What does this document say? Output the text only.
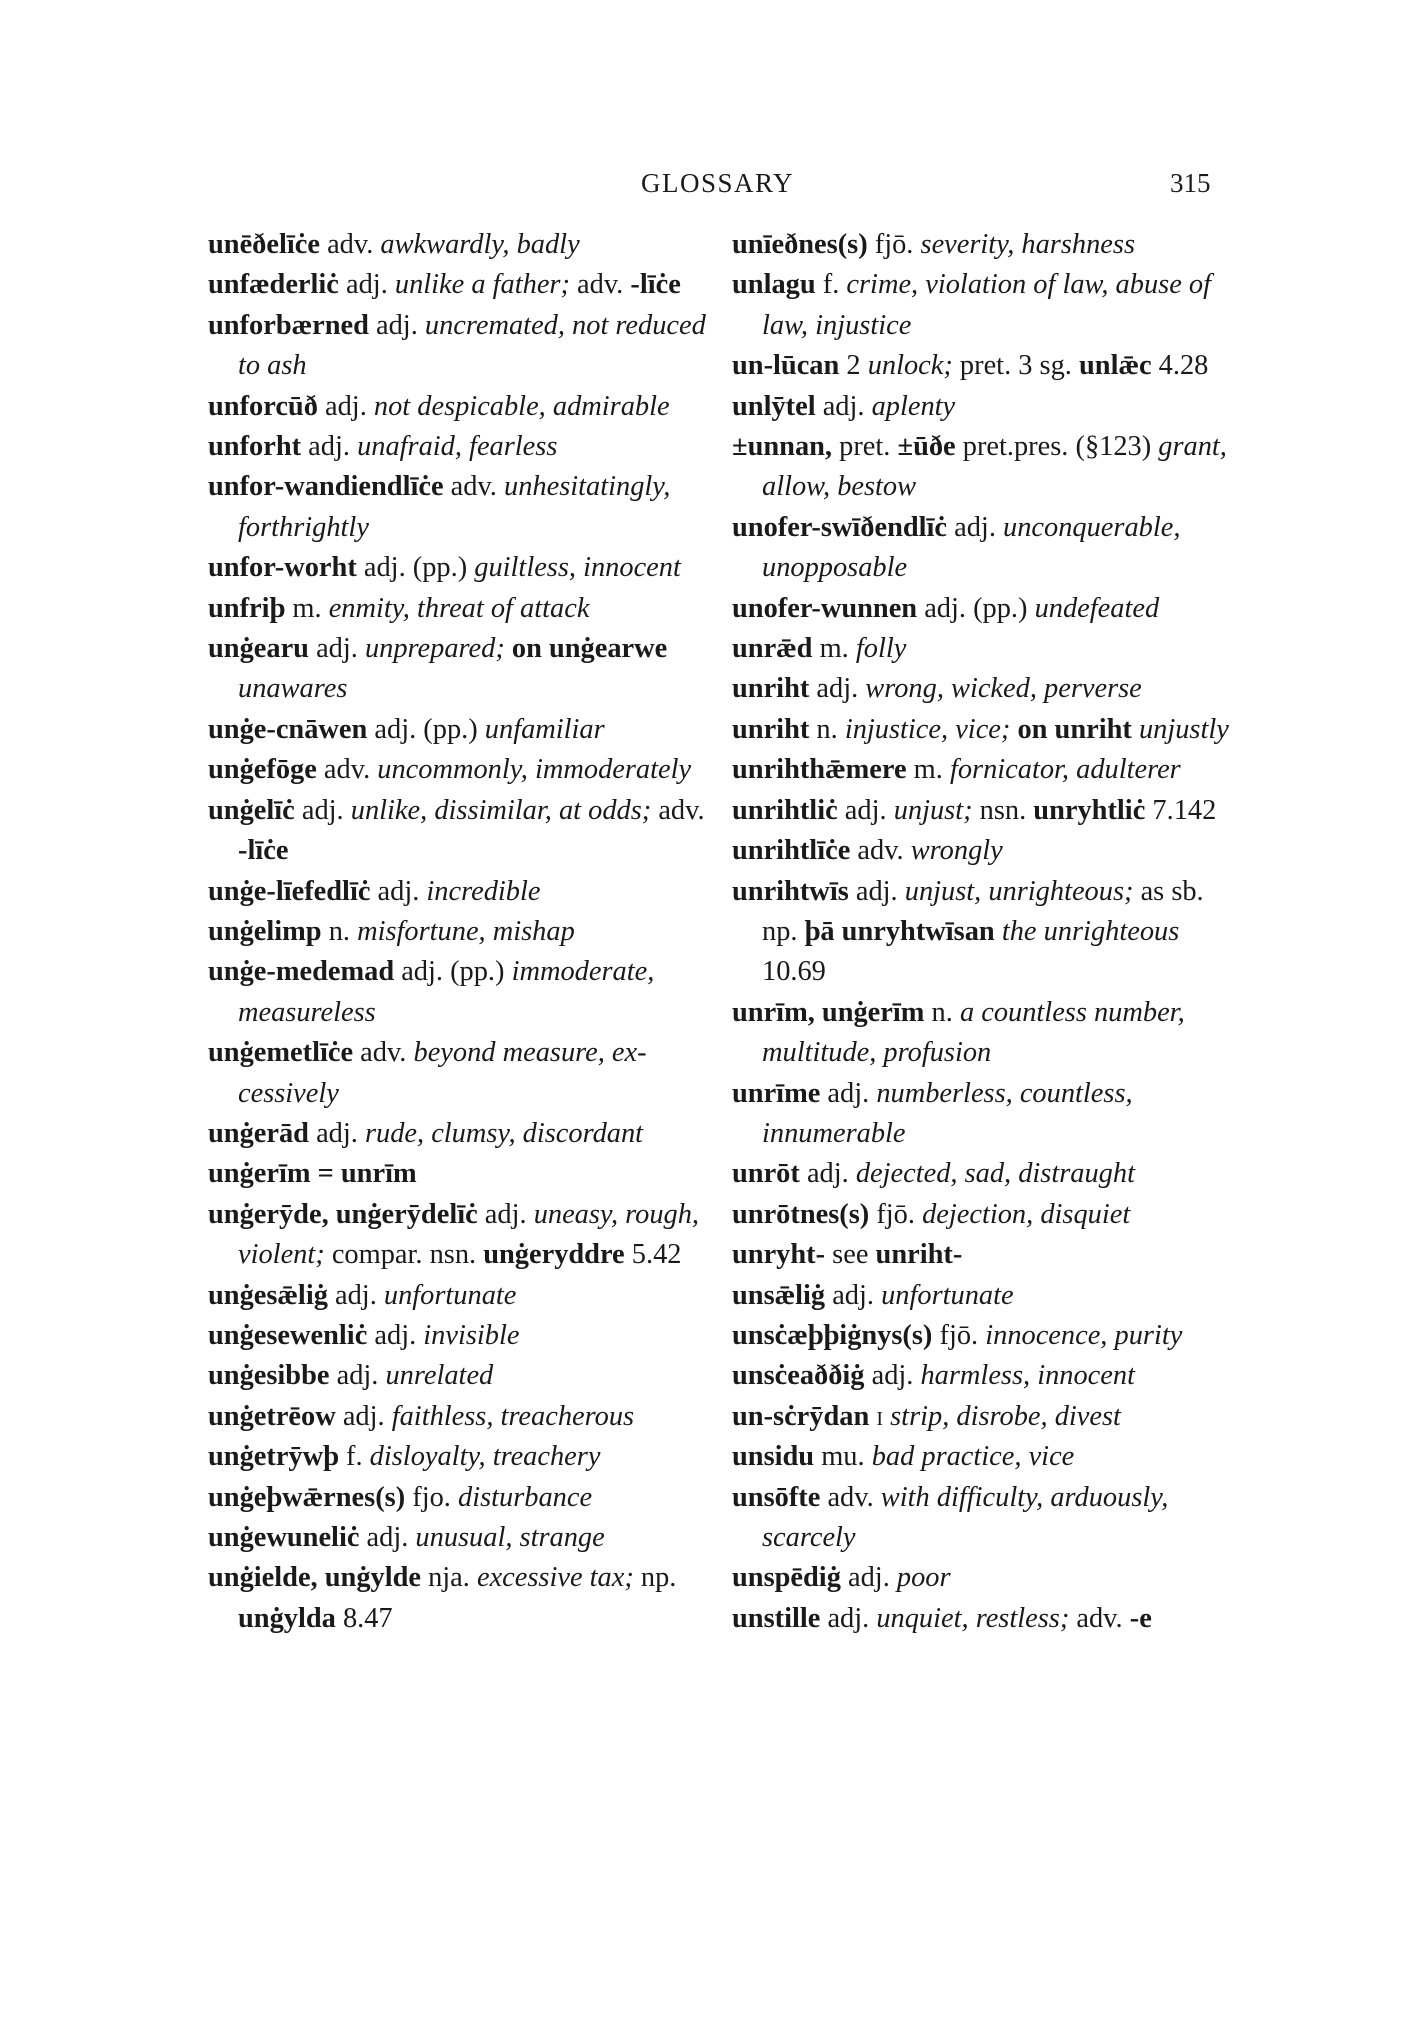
GLOSSARY	315

unēðelīċe adv. awkwardly, badly

unfæderliċ adj. unlike a father; adv. -līċe

unforbærned adj. uncremated, not reduced to ash

unforcūð adj. not despicable, admirable

unforht adj. unafraid, fearless

unfor-wandiendlīċe adv. unhesitatingly, forthrightly

unfor-worht adj. (pp.) guiltless, innocent

unfriþ m. enmity, threat of attack

unġearu adj. unprepared; on unġearwe unawares

unġe-cnāwen adj. (pp.) unfamiliar

unġefōge adv. uncommonly, immoderately

unġelīċ adj. unlike, dissimilar, at odds; adv. -līċe

unġe-līefedlīċ adj. incredible

unġelimp n. misfortune, mishap

unġe-medemad adj. (pp.) immoderate, measureless

unġemetlīċe adv. beyond measure, excessively

unġerād adj. rude, clumsy, discordant

unġerīm = unrīm

unġerȳde, unġerȳdelīċ adj. uneasy, rough, violent; compar. nsn. unġeryddre 5.42

unġesǣliġ adj. unfortunate

unġesewenliċ adj. invisible

unġesibbe adj. unrelated

unġetrēow adj. faithless, treacherous

unġetrȳwþ f. disloyalty, treachery

unġeþwǣrnes(s) fjo. disturbance

unġewuneliċ adj. unusual, strange

unġielde, unġylde nja. excessive tax; np. unġylda 8.47

unīeðnes(s) fjō. severity, harshness

unlagu f. crime, violation of law, abuse of law, injustice

un-lūcan 2 unlock; pret. 3 sg. unlǣc 4.28

unlȳtel adj. aplenty

±unnan, pret. ±ūðe pret.pres. (§123) grant, allow, bestow

unofer-swīðendlīċ adj. unconquerable, unopposable

unofer-wunnen adj. (pp.) undefeated

unrǣd m. folly

unriht adj. wrong, wicked, perverse

unriht n. injustice, vice; on unriht unjustly

unrihthǣmere m. fornicator, adulterer

unrihtliċ adj. unjust; nsn. unryhtliċ 7.142

unrihtlīċe adv. wrongly

unrihtwīs adj. unjust, unrighteous; as sb. np. þā unryhtwīsan the unrighteous 10.69

unrīm, unġerīm n. a countless number, multitude, profusion

unrīme adj. numberless, countless, innumerable

unrōt adj. dejected, sad, distraught

unrōtnes(s) fjō. dejection, disquiet

unryht- see unriht-

unsǣliġ adj. unfortunate

unsċæþþiġnys(s) fjō. innocence, purity

unsċeaððiġ adj. harmless, innocent

un-sċrȳdan i strip, disrobe, divest

unsidu mu. bad practice, vice

unsōfte adv. with difficulty, arduously, scarcely

unspēdiġ adj. poor

unstille adj. unquiet, restless; adv. -e
